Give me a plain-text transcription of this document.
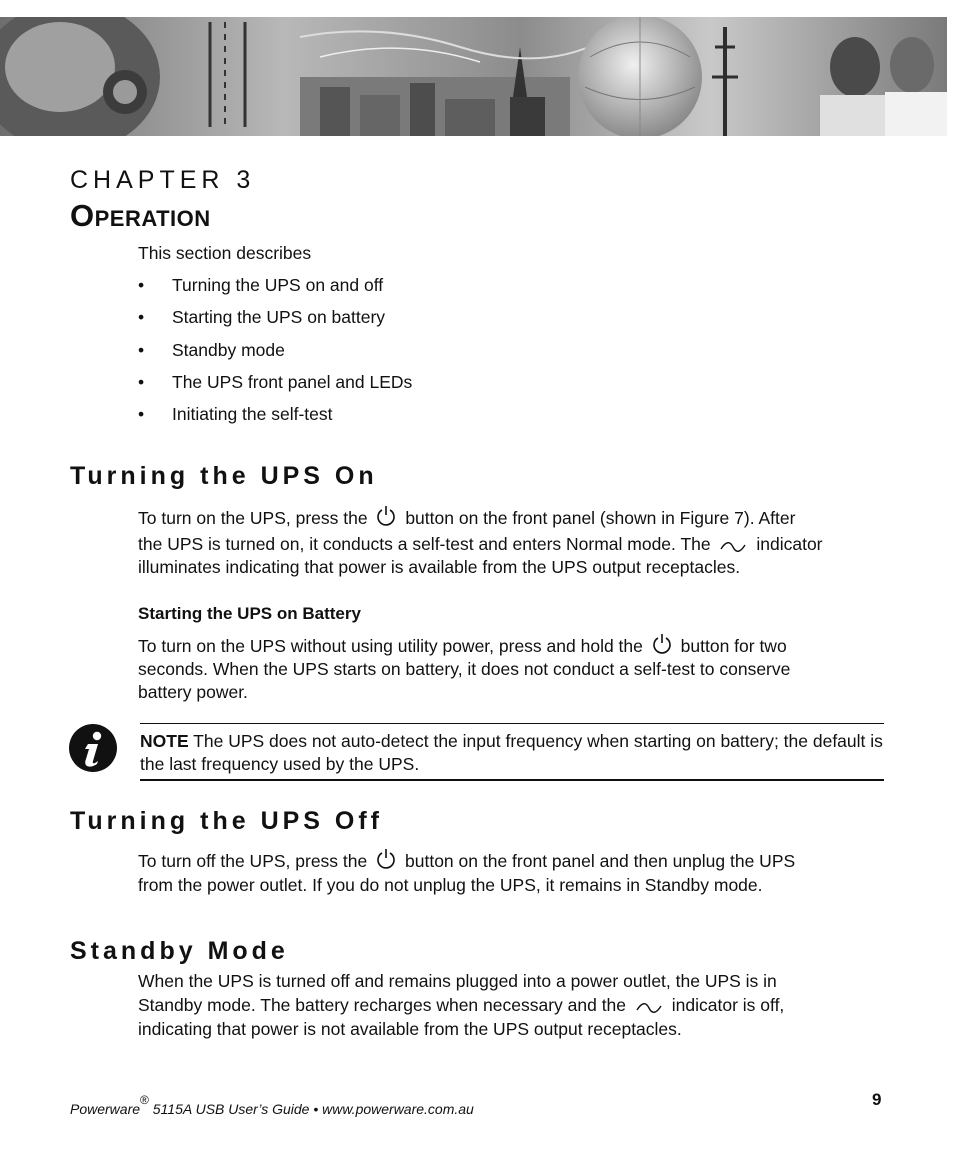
CHAPTER 3
Operation
This section describes
• Turning the UPS on and off
• Starting the UPS on battery
• Standby mode
• The UPS front panel and LEDs
• Initiating the self-test
Turning the UPS On
To turn on the UPS, press the button on the front panel (shown in Figure 7). After
the UPS is turned on, it conducts a self-test and enters Normal mode. The	indicator
illuminates indicating that power is available from the UPS output receptacles.
Starting the UPS on Battery
To turn on the UPS without using utility power, press and hold the button for two
seconds. When the UPS starts on battery, it does not conduct a self-test to conserve
battery power.
NOTE The UPS does not auto-detect the input frequency when starting on battery; the default is the last frequency used by the UPS.
Turning the UPS Off
To turn off the UPS, press the button on the front panel and then unplug the UPS
from the power outlet. If you do not unplug the UPS, it remains in Standby mode.
Standby Mode
When the UPS is turned off and remains plugged into a power outlet, the UPS is in
Standby mode. The battery recharges when necessary and the	indicator is off,
indicating that power is not available from the UPS output receptacles.
Powerware® 5115A USB User’s Guide • www.powerware.com.au	9
